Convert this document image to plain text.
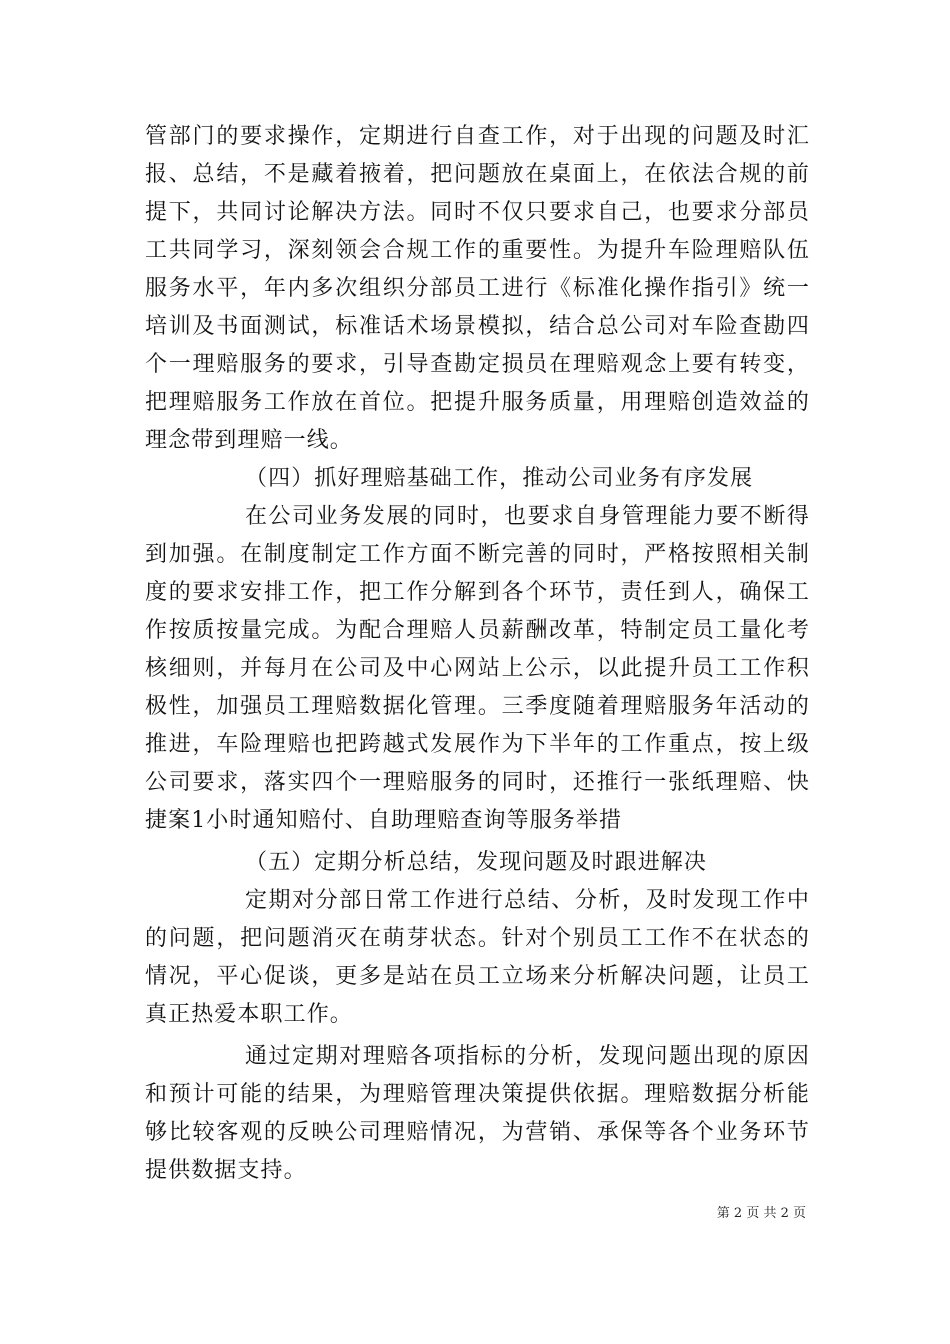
管部门的要求操作，定期进行自查工作，对于出现的问题及时汇报、总结，不是藏着掖着，把问题放在桌面上，在依法合规的前提下，共同讨论解决方法。同时不仅只要求自己，也要求分部员工共同学习，深刻领会合规工作的重要性。为提升车险理赔队伍服务水平，年内多次组织分部员工进行《标准化操作指引》统一培训及书面测试，标准话术场景模拟，结合总公司对车险查勘四个一理赔服务的要求，引导查勘定损员在理赔观念上要有转变，把理赔服务工作放在首位。把提升服务质量，用理赔创造效益的理念带到理赔一线。

（四）抓好理赔基础工作，推动公司业务有序发展

在公司业务发展的同时，也要求自身管理能力要不断得到加强。在制度制定工作方面不断完善的同时，严格按照相关制度的要求安排工作，把工作分解到各个环节，责任到人，确保工作按质按量完成。为配合理赔人员薪酬改革，特制定员工量化考核细则，并每月在公司及中心网站上公示，以此提升员工工作积极性，加强员工理赔数据化管理。三季度随着理赔服务年活动的推进，车险理赔也把跨越式发展作为下半年的工作重点，按上级公司要求，落实四个一理赔服务的同时，还推行一张纸理赔、快捷案1小时通知赔付、自助理赔查询等服务举措

（五）定期分析总结，发现问题及时跟进解决

定期对分部日常工作进行总结、分析，及时发现工作中的问题，把问题消灭在萌芽状态。针对个别员工工作不在状态的情况，平心促谈，更多是站在员工立场来分析解决问题，让员工真正热爱本职工作。

通过定期对理赔各项指标的分析，发现问题出现的原因和预计可能的结果，为理赔管理决策提供依据。理赔数据分析能够比较客观的反映公司理赔情况，为营销、承保等各个业务环节提供数据支持。

第 2 页 共 2 页
